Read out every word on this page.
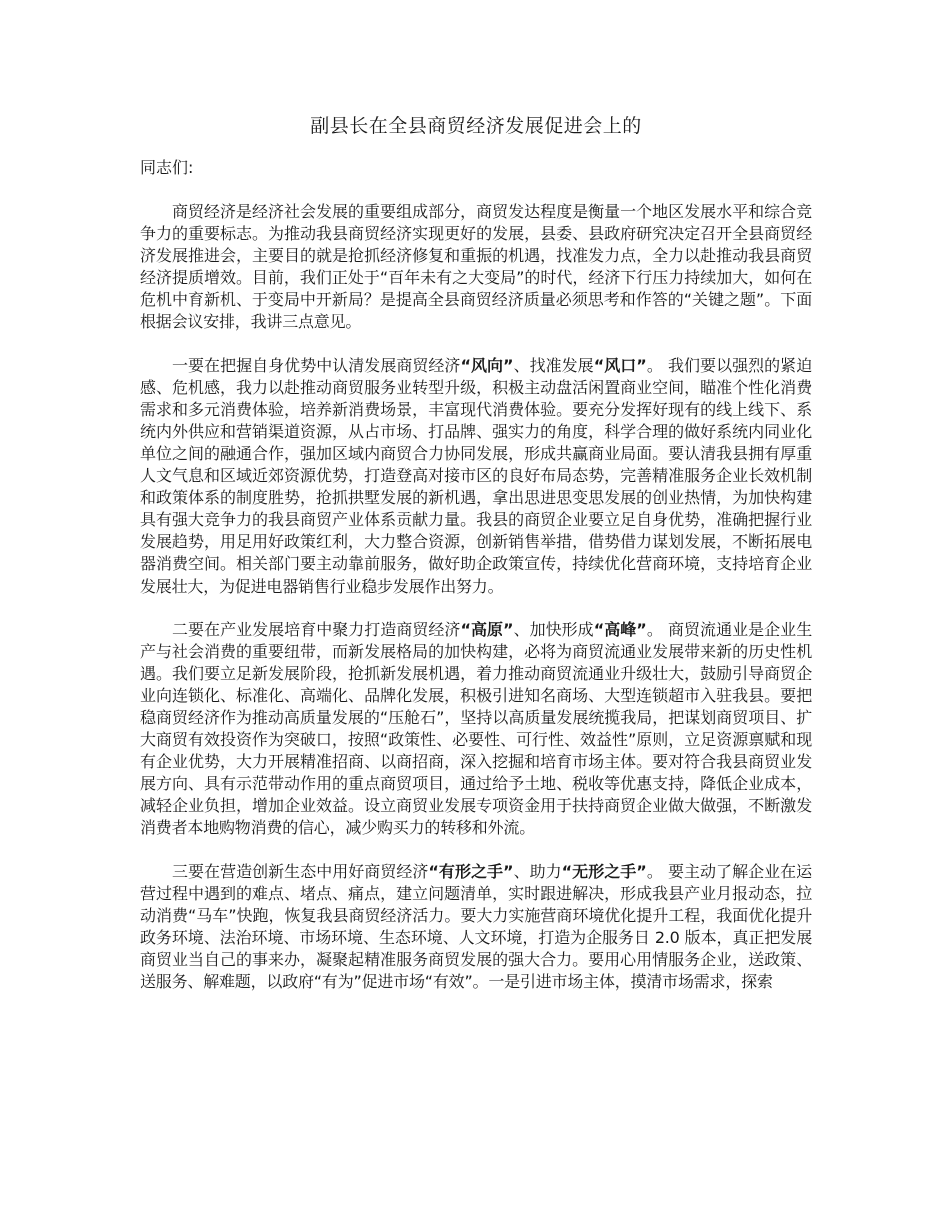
副县长在全县商贸经济发展促进会上的

同志们:

商贸经济是经济社会发展的重要组成部分，商贸发达程度是衡量一个地区发展水平和综合竞争力的重要标志。为推动我县商贸经济实现更好的发展，县委、县政府研究决定召开全县商贸经济发展推进会，主要目的就是抢抓经济修复和重振的机遇，找准发力点，全力以赴推动我县商贸经济提质增效。目前，我们正处于“百年未有之大变局”的时代，经济下行压力持续加大，如何在危机中育新机、于变局中开新局？是提高全县商贸经济质量必须思考和作答的“关键之题”。下面根据会议安排，我讲三点意见。

一要在把握自身优势中认清发展商贸经济“风向”、找准发展“风口”。 我们要以强烈的紧迫感、危机感，我力以赴推动商贸服务业转型升级，积极主动盘活闲置商业空间，瞄准个性化消费需求和多元消费体验，培养新消费场景，丰富现代消费体验。要充分发挥好现有的线上线下、系统内外供应和营销渠道资源，从占市场、打品牌、强实力的角度，科学合理的做好系统内同业化单位之间的融通合作，强加区域内商贸合力协同发展，形成共赢商业局面。要认清我县拥有厚重人文气息和区域近郊资源优势，打造登高对接市区的良好布局态势，完善精准服务企业长效机制和政策体系的制度胜势，抢抓拱墅发展的新机遇，拿出思进思变思发展的创业热情，为加快构建具有强大竞争力的我县商贸产业体系贡献力量。我县的商贸企业要立足自身优势，准确把握行业发展趋势，用足用好政策红利，大力整合资源，创新销售举措，借势借力谋划发展，不断拓展电器消费空间。相关部门要主动靠前服务，做好助企政策宣传，持续优化营商环境，支持培育企业发展壮大，为促进电器销售行业稳步发展作出努力。

二要在产业发展培育中聚力打造商贸经济“高原”、加快形成“高峰”。 商贸流通业是企业生产与社会消费的重要纽带，而新发展格局的加快构建，必将为商贸流通业发展带来新的历史性机遇。我们要立足新发展阶段，抢抓新发展机遇，着力推动商贸流通业升级壮大，鼓励引导商贸企业向连锁化、标准化、高端化、品牌化发展，积极引进知名商场、大型连锁超市入驻我县。要把稳商贸经济作为推动高质量发展的“压舱石”，坚持以高质量发展统揽我局，把谋划商贸项目、扩大商贸有效投资作为突破口，按照“政策性、必要性、可行性、效益性”原则，立足资源禀赋和现有企业优势，大力开展精准招商、以商招商，深入挖掘和培育市场主体。要对符合我县商贸业发展方向、具有示范带动作用的重点商贸项目，通过给予土地、税收等优惠支持，降低企业成本，减轻企业负担，增加企业效益。设立商贸业发展专项资金用于扶持商贸企业做大做强，不断激发消费者本地购物消费的信心，减少购买力的转移和外流。

三要在营造创新生态中用好商贸经济“有形之手”、助力“无形之手”。 要主动了解企业在运营过程中遇到的难点、堵点、痛点，建立问题清单，实时跟进解决，形成我县产业月报动态，拉动消费“马车”快跑，恢复我县商贸经济活力。要大力实施营商环境优化提升工程，我面优化提升政务环境、法治环境、市场环境、生态环境、人文环境，打造为企服务日 2.0 版本，真正把发展商贸业当自己的事来办，凝聚起精准服务商贸发展的强大合力。要用心用情服务企业，送政策、送服务、解难题，以政府“有为”促进市场“有效”。一是引进市场主体，摸清市场需求，探索
